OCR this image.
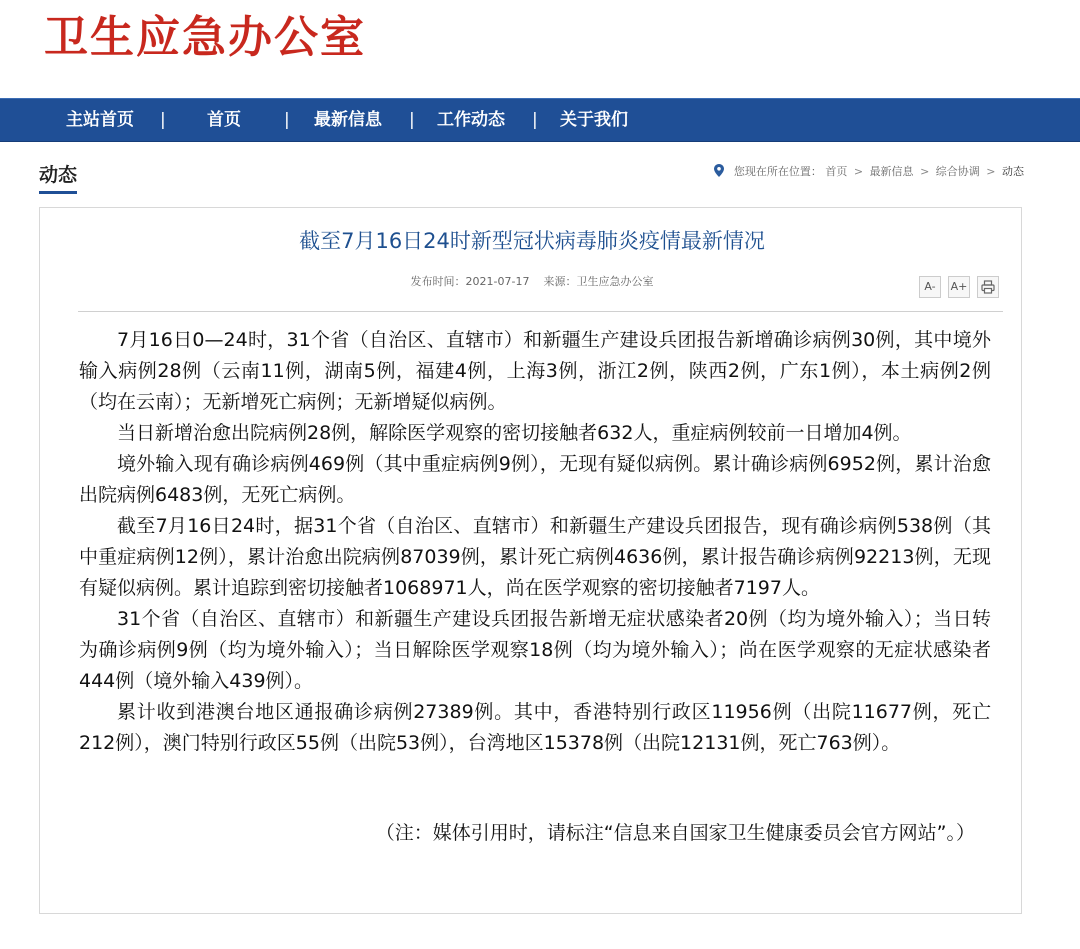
卫生应急办公室
主站首页 | 首页	| 最新信息 | 工作动态 | 关于我们
动态	您现在所在位置： 首页 > 最新信息 > 综合协调 > 动态
截至7月16日24时新型冠状病毒肺炎疫情最新情况
发布时间：2021-07-17 来源：卫生应急办公室	A-	A+

7月16日0—24时，31个省（自治区、直辖市）和新疆生产建设兵团报告新增确诊病例30例，其中境外输入病例28例（云南11例，湖南5例，福建4例，上海3例，浙江2例，陕西2例，广东1例），本土病例2例（均在云南）；无新增死亡病例；无新增疑似病例。

当日新增治愈出院病例28例，解除医学观察的密切接触者632人，重症病例较前一日增加4例。

境外输入现有确诊病例469例（其中重症病例9例），无现有疑似病例。累计确诊病例6952例，累计治愈出院病例6483例，无死亡病例。

截至7月16日24时，据31个省（自治区、直辖市）和新疆生产建设兵团报告，现有确诊病例538例（其中重症病例12例），累计治愈出院病例87039例，累计死亡病例4636例，累计报告确诊病例92213例，无现有疑似病例。累计追踪到密切接触者1068971人，尚在医学观察的密切接触者7197人。

31个省（自治区、直辖市）和新疆生产建设兵团报告新增无症状感染者20例（均为境外输入）；当日转为确诊病例9例（均为境外输入）；当日解除医学观察18例（均为境外输入）；尚在医学观察的无症状感染者444例（境外输入439例）。

累计收到港澳台地区通报确诊病例27389例。其中，香港特别行政区11956例（出院11677例，死亡212例），澳门特别行政区55例（出院53例），台湾地区15378例（出院12131例，死亡763例）。

（注：媒体引用时，请标注“信息来自国家卫生健康委员会官方网站”。）
